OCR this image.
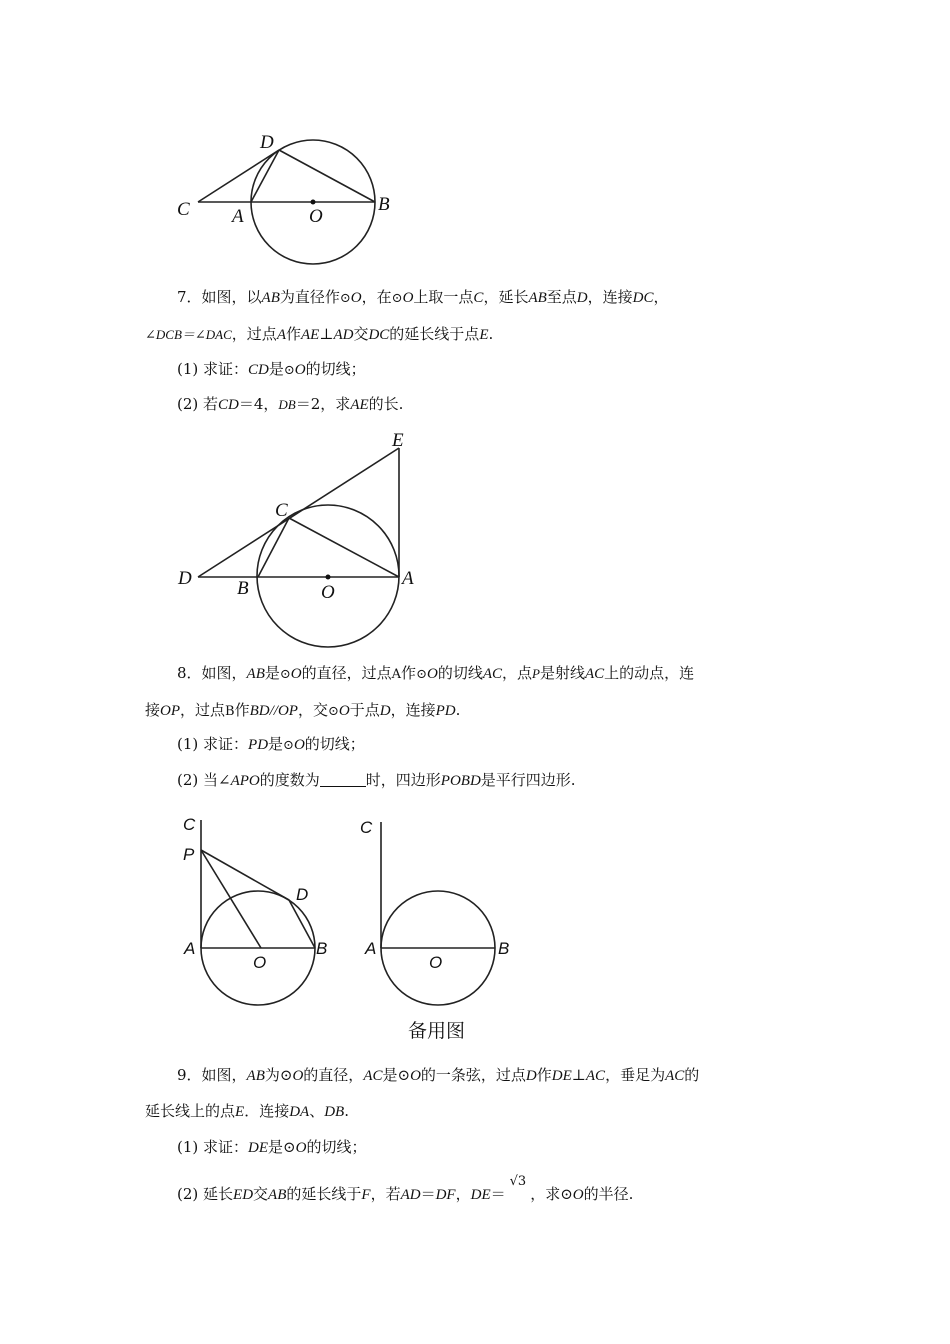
C A	O
B
D
7．如图，以AB为直径作⊙O，在⊙O上取一点C，延长AB至点D，连接DC，
∠DCB＝∠DAC，过点A作AE⊥AD交DC的延长线于点E.
(1) 求证：CD是⊙O的切线；
(2) 若CD＝4，DB＝2，求AE的长.
E
C
D B	O
A
8．如图，AB是⊙O的直径，过点A作⊙O的切线AC，点P是射线AC上的动点，连
接OP，过点B作BD//OP，交⊙O于点D，连接PD.
(1) 求证：PD是⊙O的切线；
(2) 当∠APO的度数为	时，四边形POBD是平行四边形.
C
P
D
A
O
B
C
A
O
B
备用图
9．如图，AB为⊙O的直径，AC是⊙O的一条弦，过点D作DE⊥AC，垂足为AC的
延长线上的点E．连接DA、DB.
(1) 求证：DE是⊙O的切线；
(2) 延长ED交AB的延长线于F，若AD＝DF，DE＝√3，求⊙O的半径.
